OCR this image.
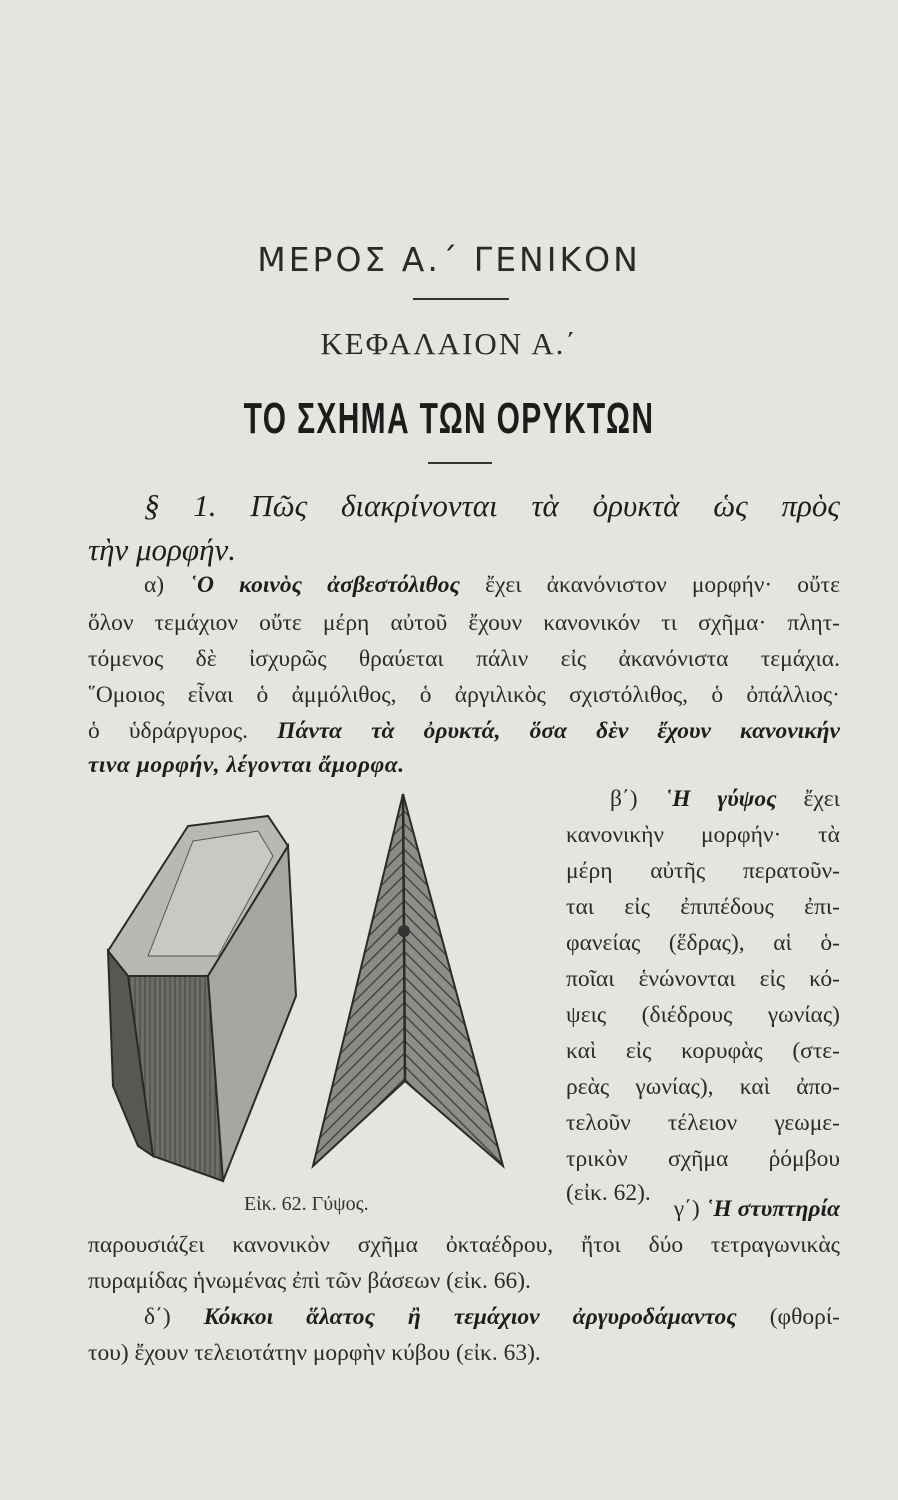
ΜΕΡΟΣ Α.΄ ΓΕΝΙΚΟΝ
ΚΕΦΑΛΑΙΟΝ Α.΄
ΤΟ ΣΧΗΜΑ ΤΩΝ ΟΡΥΚΤΩΝ
§ 1. Πῶς διακρίνονται τὰ ὀρυκτὰ ὡς πρὸς
τὴν μορφήν.
α) ῾Ο κοινὸς ἀσβεστόλιθος ἔχει ἀκανόνιστον μορφήν· οὔτε
ὅλον τεμάχιον οὔτε μέρη αὐτοῦ ἔχουν κανονικόν τι σχῆμα· πλητ-
τόμενος δὲ ἰσχυρῶς θραύεται πάλιν εἰς ἀκανόνιστα τεμάχια.
῞Ομοιος εἶναι ὁ ἀμμόλιθος, ὁ ἀργιλικὸς σχιστόλιθος, ὁ ὀπάλλιος·
ὁ ὑδράργυρος. Πάντα τὰ ὀρυκτά, ὅσα δὲν ἔχουν κανονικήν
τινα μορφήν, λέγονται ἄμορφα.
β΄) ῾Η γύψος ἔχει
κανονικὴν μορφήν· τὰ
μέρη αὐτῆς περατοῦν-
ται εἰς ἐπιπέδους ἐπι-
φανείας (ἕδρας), αἱ ὁ-
ποῖαι ἑνώνονται εἰς κό-
ψεις (διέδρους γωνίας)
καὶ εἰς κορυφὰς (στε-
ρεὰς γωνίας), καὶ ἀπο-
τελοῦν τέλειον γεωμε-
τρικὸν σχῆμα ῥόμβου
(εἰκ. 62).
Εἰκ. 62. Γύψος.	γ΄) ῾Η στυπτηρία
παρουσιάζει κανονικὸν σχῆμα ὀκταέδρου, ἤτοι δύο τετραγωνικὰς
πυραμίδας ἡνωμένας ἐπὶ τῶν βάσεων (εἰκ. 66).
δ΄) Κόκκοι ἅλατος ἢ τεμάχιον ἀργυροδάμαντος (φθορί-
του) ἔχουν τελειοτάτην μορφὴν κύβου (εἰκ. 63).
